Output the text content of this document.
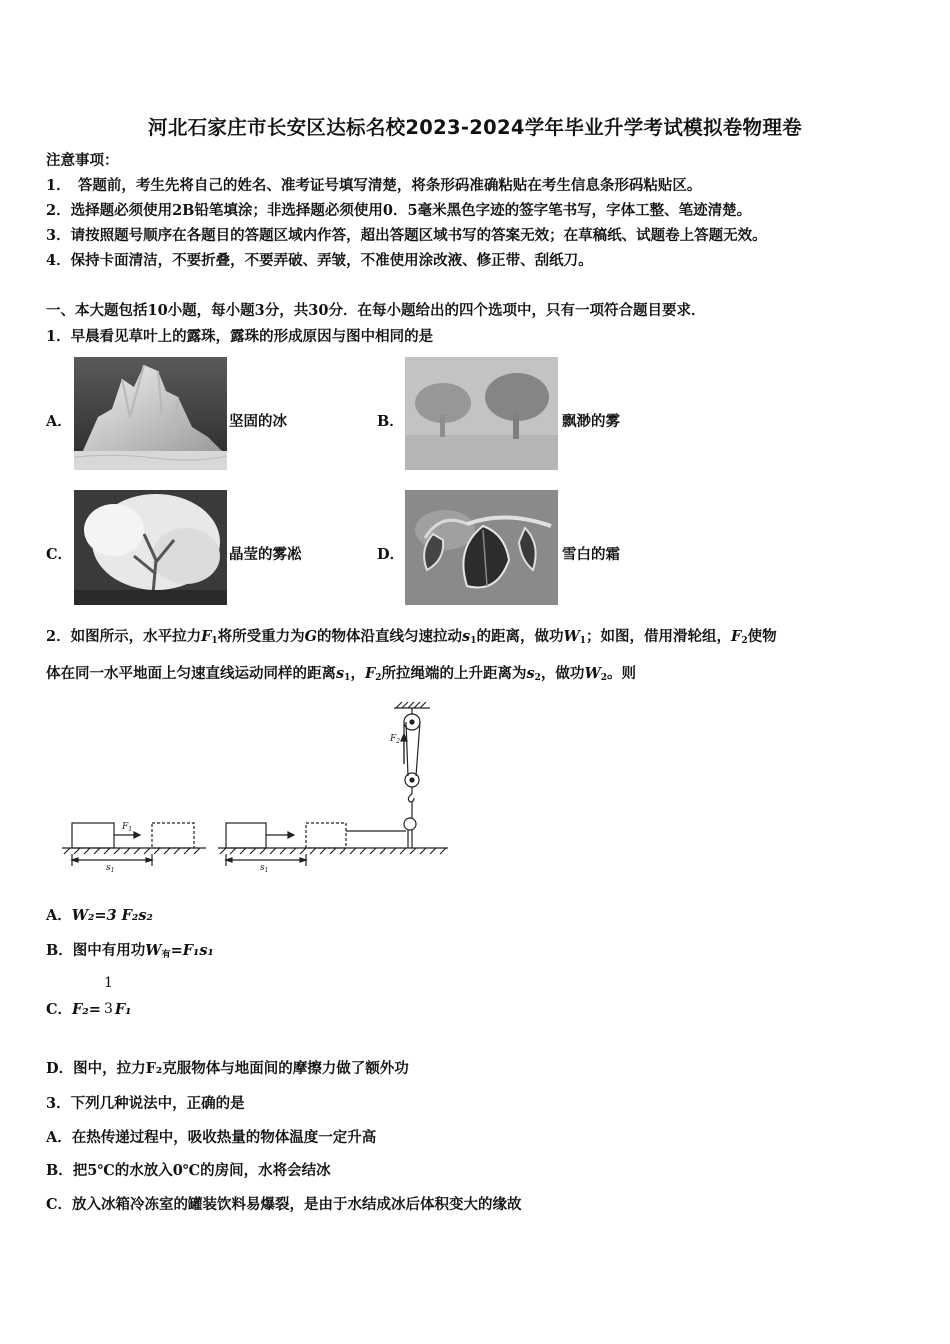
河北石家庄市长安区达标名校2023-2024学年毕业升学考试模拟卷物理卷
注意事项：
1．　答题前，考生先将自己的姓名、准考证号填写清楚，将条形码准确粘贴在考生信息条形码粘贴区。
2．选择题必须使用2B铅笔填涂；非选择题必须使用0．5毫米黑色字迹的签字笔书写，字体工整、笔迹清楚。
3．请按照题号顺序在各题目的答题区域内作答，超出答题区域书写的答案无效；在草稿纸、试题卷上答题无效。
4．保持卡面清洁，不要折叠，不要弄破、弄皱，不准使用涂改液、修正带、刮纸刀。
一、本大题包括10小题，每小题3分，共30分．在每小题给出的四个选项中，只有一项符合题目要求．
1．早晨看见草叶上的露珠，露珠的形成原因与图中相同的是
A．	坚固的冰	B．	飘渺的雾
C．	晶莹的雾凇	D．	雪白的霜
2．如图所示，水平拉力$F_1$将所受重力为G的物体沿直线匀速拉动$s_1$的距离，做功$W_1$；如图，借用滑轮组，$F_2$使物
体在同一水平地面上匀速直线运动同样的距离$s_1$，$F_2$所拉绳端的上升距离为$s_2$，做功$W_2$。则
$F_1$
$s_1$	$s_1$
$F_2$
A．W₂=3 F₂s₂
B．图中有用功$W_有=F_1s_1$
C．F₂= F₁
1
3
D．图中，拉力F₂克服物体与地面间的摩擦力做了额外功
3．下列几种说法中，正确的是
A．在热传递过程中，吸收热量的物体温度一定升高
B．把5℃的水放入0℃的房间，水将会结冰
C．放入冰箱冷冻室的罐装饮料易爆裂，是由于水结成冰后体积变大的缘故
